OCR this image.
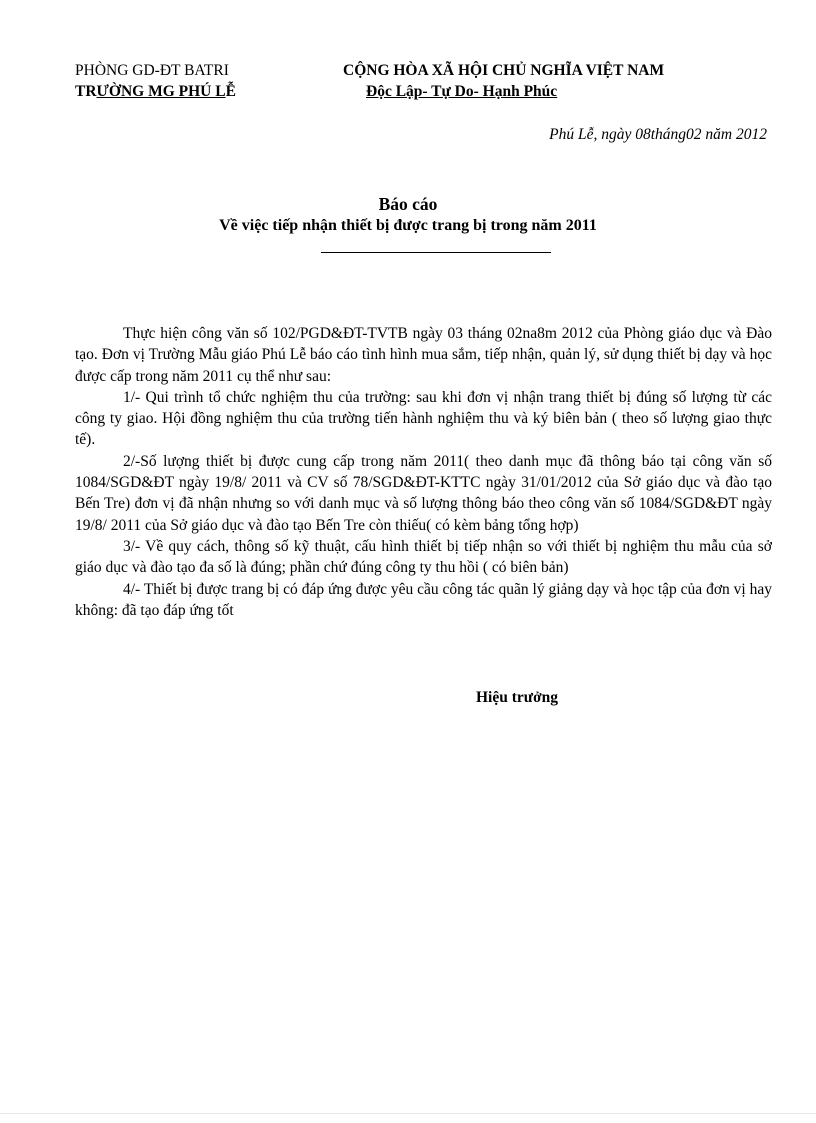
PHÒNG GD-ĐT BATRI
TRƯỜNG MG PHÚ LỄ
CỘNG HÒA XÃ HỘI CHỦ NGHĨA VIỆT NAM
Độc Lập- Tự Do- Hạnh Phúc
Phú Lễ, ngày 08tháng02 năm 2012
Báo cáo
Về việc tiếp nhận thiết bị được trang bị trong năm 2011

Thực hiện công văn số 102/PGD&ĐT-TVTB ngày 03 tháng 02na8m 2012 của Phòng giáo dục và Đào tạo. Đơn vị Trường Mẫu giáo Phú Lễ báo cáo tình hình mua sắm, tiếp nhận, quản lý, sử dụng thiết bị dạy và học được cấp trong năm 2011 cụ thể như sau:

1/- Qui trình tổ chức nghiệm thu của trường: sau khi đơn vị nhận trang thiết bị đúng số lượng từ các công ty giao. Hội đồng nghiệm thu của trường tiến hành nghiệm thu và ký biên bản ( theo số lượng giao thực tế).

2/-Số lượng thiết bị được cung cấp trong năm 2011( theo danh mục đã thông báo tại công văn số 1084/SGD&ĐT ngày 19/8/ 2011 và CV số 78/SGD&ĐT-KTTC ngày 31/01/2012 của Sở giáo dục và đào tạo Bến Tre) đơn vị đã nhận nhưng so với danh mục và số lượng thông báo theo công văn số 1084/SGD&ĐT ngày 19/8/ 2011 của Sở giáo dục và đào tạo Bến Tre còn thiếu( có kèm bảng tổng hợp)

3/- Về quy cách, thông số kỹ thuật, cấu hình thiết bị tiếp nhận so với thiết bị nghiệm thu mẫu của sở giáo dục và đào tạo đa số là đúng; phần chứ đúng công ty thu hồi ( có biên bản)

4/- Thiết bị được trang bị có đáp ứng được yêu cầu công tác quãn lý giảng dạy và học tập của đơn vị hay không: đã tạo đáp ứng tốt

Hiệu trưởng
